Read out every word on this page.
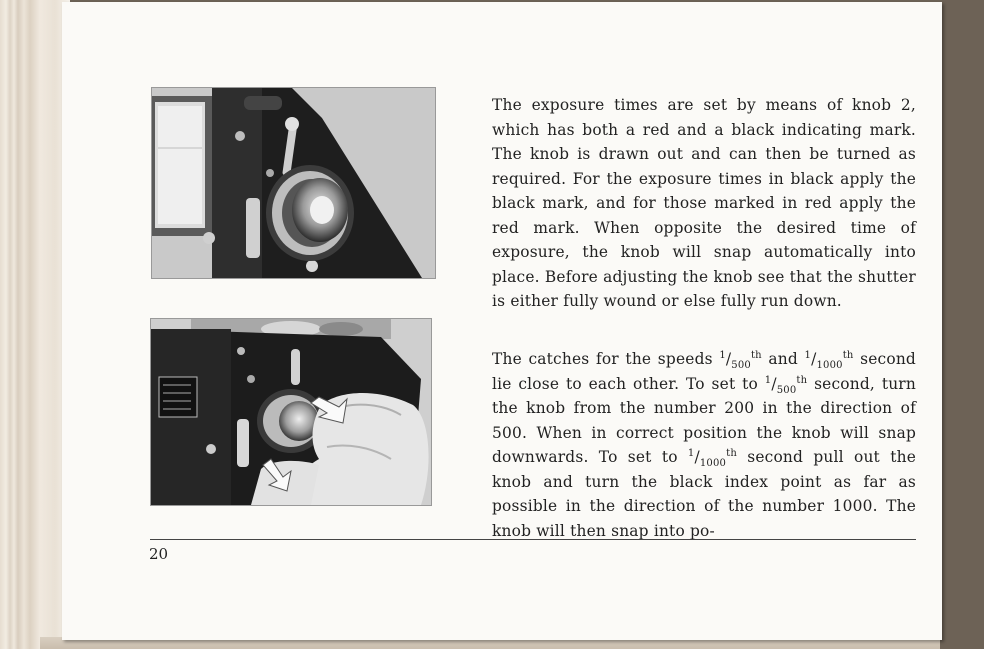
The exposure times are set by means of knob 2, which has both a red and a black indicating mark. The knob is drawn out and can then be turned as required. For the exposure times in black apply the black mark, and for those marked in red apply the red mark. When opposite the desired time of exposure, the knob will snap automatically into place. Before adjusting the knob see that the shutter is either fully wound or else fully run down.

The catches for the speeds $^1/_{500}^{th}$ and $^1/_{1000}^{th}$ second lie close to each other. To set to $^1/_{500}^{th}$ second, turn the knob from the number 200 in the direction of 500. When in correct position the knob will snap downwards. To set to $^1/_{1000}^{th}$ second pull out the knob and turn the black index point as far as possible in the direction of the number 1000. The knob will then snap into po-

20
